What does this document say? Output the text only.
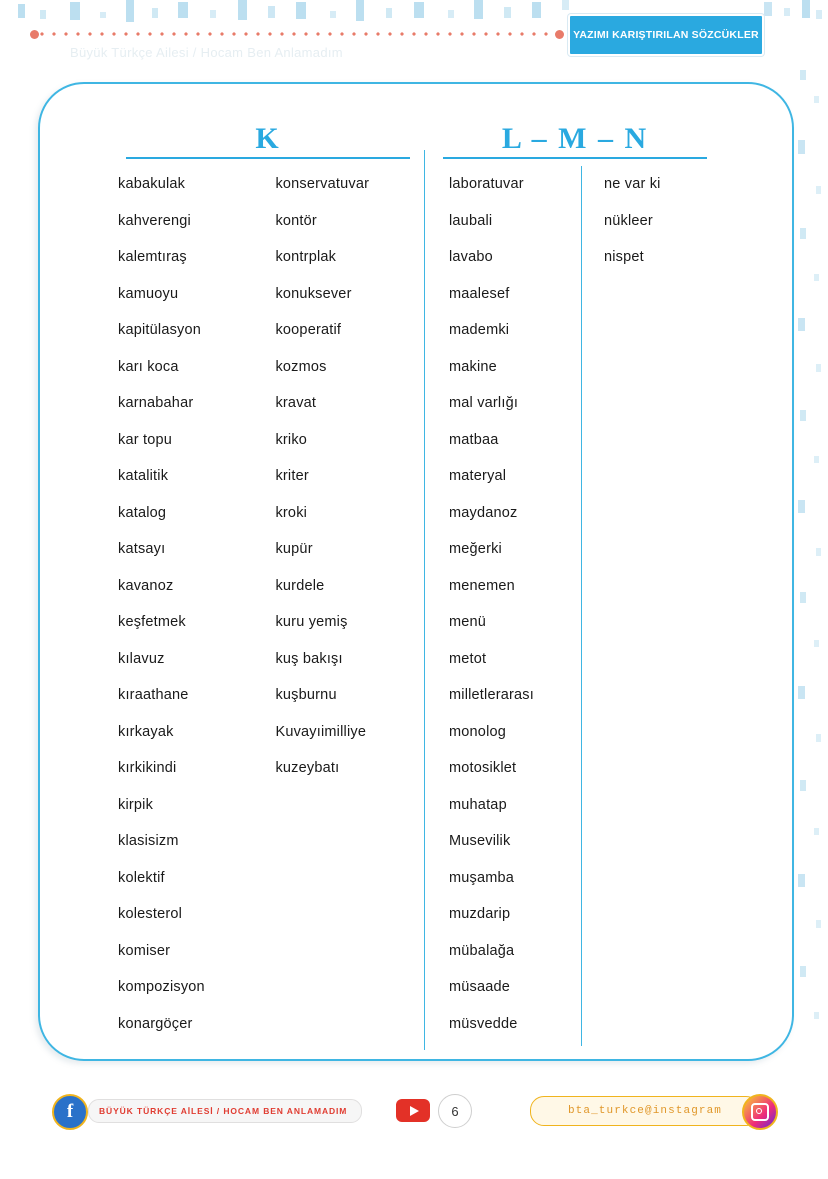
YAZIMI KARIŞTIRILAN SÖZCÜKLER
Büyük Türkçe Ailesi / Hocam Ben Anlamadım
K
kabakulak
kahverengi
kalemtıraş
kamuoyu
kapitülasyon
karı koca
karnabahar
kar topu
katalitik
katalog
katsayı
kavanoz
keşfetmek
kılavuz
kıraathane
kırkayak
kırkikindi
kirpik
klasisizm
kolektif
kolesterol
komiser
kompozisyon
konargöçer
konservatuvar
kontör
kontrplak
konuksever
kooperatif
kozmos
kravat
kriko
kriter
kroki
kupür
kurdele
kuru yemiş
kuş bakışı
kuşburnu
Kuvayıimilliye
kuzeybatı
L – M – N
laboratuvar
laubali
lavabo
maalesef
mademki
makine
mal varlığı
matbaa
materyal
maydanoz
meğerki
menemen
menü
metot
milletlerarası
monolog
motosiklet
muhatap
Musevilik
muşamba
muzdarip
mübalağa
müsaade
müsvedde
ne var ki
nükleer
nispet
f	BÜYÜK TÜRKÇE AİLESİ / HOCAM BEN ANLAMADIM	6	bta_turkce@instagram
